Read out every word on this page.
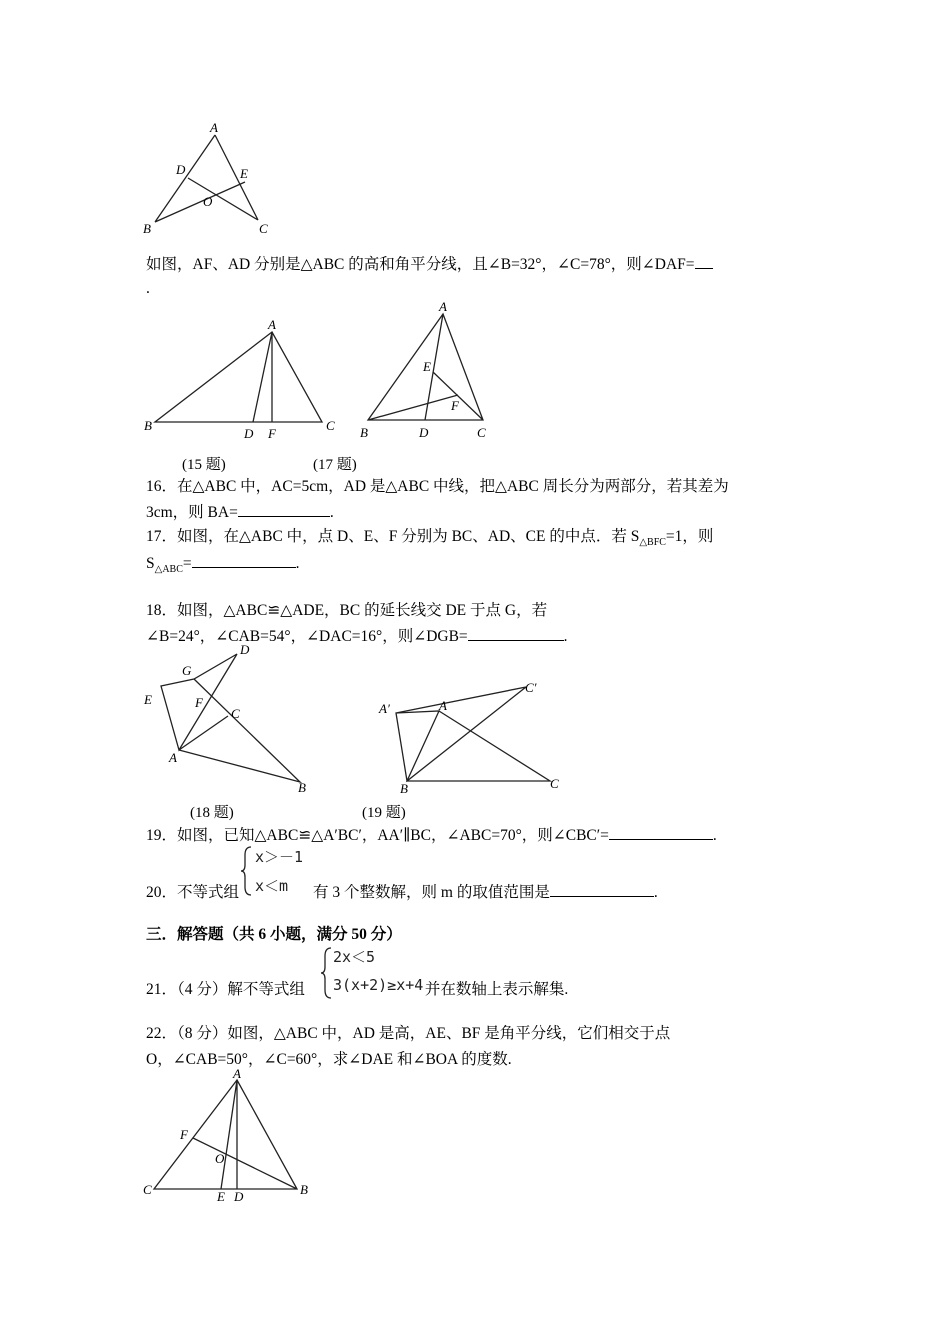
A
D	E
O
B	C
如图，AF、AD 分别是△ABC 的高和角平分线，且∠B=32°，∠C=78°，则∠DAF=
.
A
B
D F
C
A
E
F
B	D	C
(15 题)	(17 题)
16．在△ABC 中，AC=5cm，AD 是△ABC 中线，把△ABC 周长分为两部分，若其差为
3cm，则 BA=	.
17．如图，在△ABC 中，点 D、E、F 分别为 BC、AD、CE 的中点．若 $S_{\triangle BFC}=1$，则
$S_{\triangle ABC}=$	.
18．如图，△ABC≌△ADE，BC 的延长线交 DE 于点 G，若
∠B=24°，∠CAB=54°，∠DAC=16°，则∠DGB=	.
D
G
E	F
C
A
B
A′	A
C′
B	C
(18 题)	(19 题)
19．如图，已知△ABC≌△A′BC′，AA′∥BC，∠ABC=70°，则∠CBC′=	.
20．不等式组	有 3 个整数解，则 m 的取值范围是	.
x＞－1
x＜m
三．解答题（共 6 小题，满分 50 分）
21．（4 分）解不等式组	并在数轴上表示解集.
2x＜5
3(x+2)≥x+4
22．（8 分）如图，△ABC 中，AD 是高，AE、BF 是角平分线，它们相交于点
O，∠CAB=50°，∠C=60°，求∠DAE 和∠BOA 的度数.
A
F
O
C	E D	B
